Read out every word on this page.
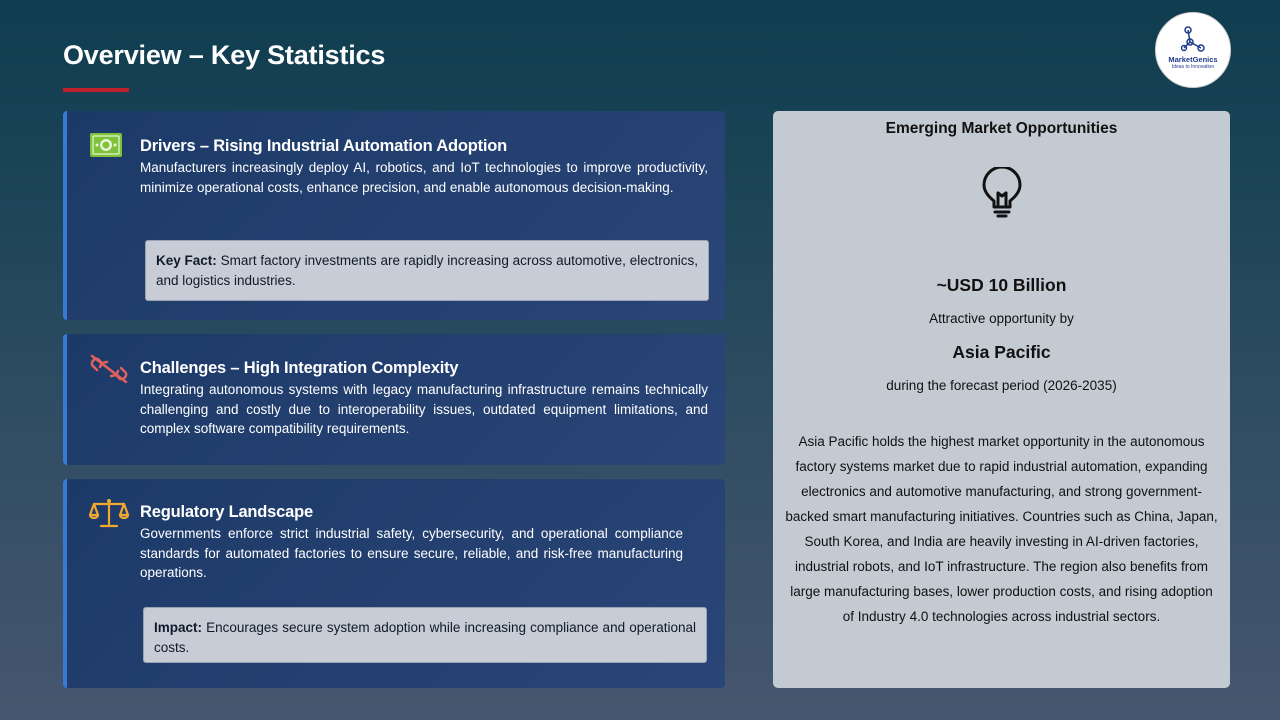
Overview – Key Statistics	MarketGenics
Ideas to Innovation
Drivers – Rising Industrial Automation Adoption

Manufacturers increasingly deploy AI, robotics, and IoT technologies to improve productivity, minimize operational costs, enhance precision, and enable autonomous decision-making.

Key Fact: Smart factory investments are rapidly increasing across automotive, electronics, and logistics industries.
Challenges – High Integration Complexity

Integrating autonomous systems with legacy manufacturing infrastructure remains technically challenging and costly due to interoperability issues, outdated equipment limitations, and complex software compatibility requirements.

Regulatory Landscape

Governments enforce strict industrial safety, cybersecurity, and operational compliance standards for automated factories to ensure secure, reliable, and risk-free manufacturing operations.

Impact: Encourages secure system adoption while increasing compliance and operational costs.

Emerging Market Opportunities

~USD 10 Billion

Attractive opportunity by

Asia Pacific

during the forecast period (2026-2035)

Asia Pacific holds the highest market opportunity in the autonomous factory systems market due to rapid industrial automation, expanding electronics and automotive manufacturing, and strong government-backed smart manufacturing initiatives. Countries such as China, Japan, South Korea, and India are heavily investing in AI-driven factories, industrial robots, and IoT infrastructure. The region also benefits from large manufacturing bases, lower production costs, and rising adoption of Industry 4.0 technologies across industrial sectors.
